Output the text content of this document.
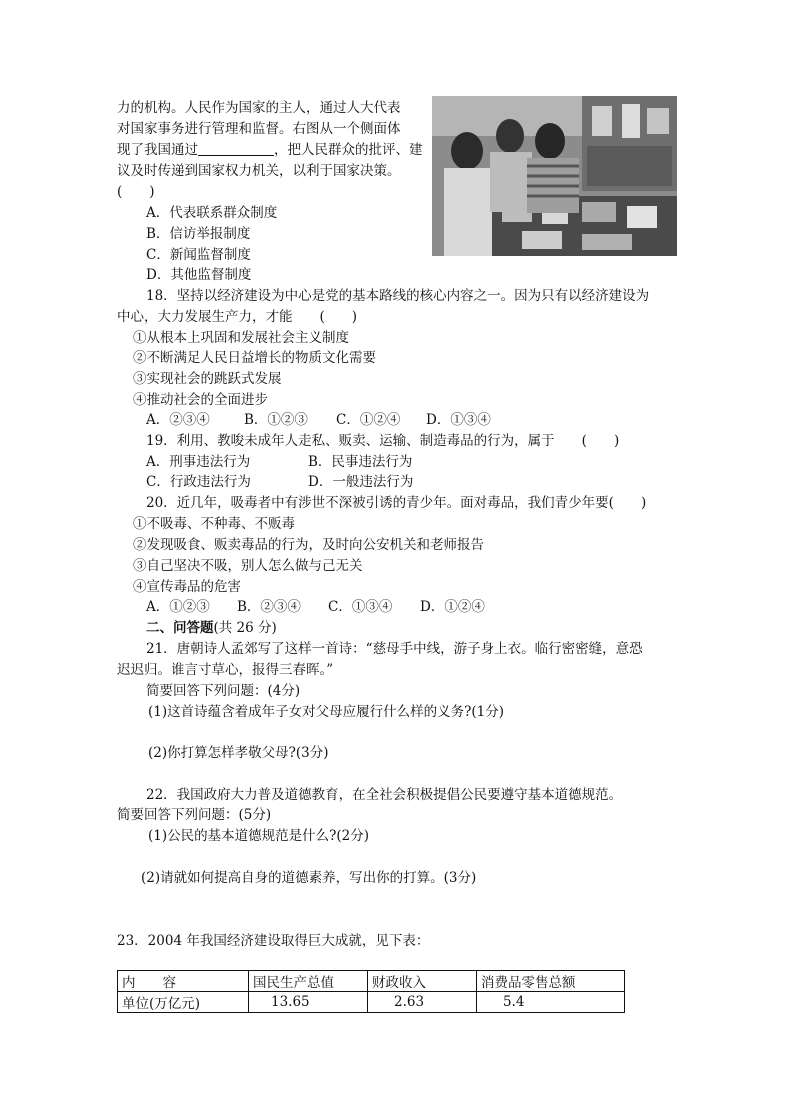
力的机构。人民作为国家的主人，通过人大代表
对国家事务进行管理和监督。右图从一个侧面体
现了我国通过	，把人民群众的批评、建
议及时传递到国家权力机关，以利于国家决策。
(　　)
A．代表联系群众制度
B．信访举报制度
C．新闻监督制度
D．其他监督制度
18．坚持以经济建设为中心是党的基本路线的核心内容之一。因为只有以经济建设为
中心，大力发展生产力，才能　　(　　)
①从根本上巩固和发展社会主义制度
②不断满足人民日益增长的物质文化需要
③实现社会的跳跃式发展
④推动社会的全面进步
A．②③④	B．①②③ C．①②④ D．①③④
19．利用、教唆未成年人走私、贩卖、运输、制造毒品的行为，属于　　(　　)
A．刑事违法行为	B．民事违法行为
C．行政违法行为	D．一般违法行为
20．近几年，吸毒者中有涉世不深被引诱的青少年。面对毒品，我们青少年要(　　)
①不吸毒、不种毒、不贩毒
②发现吸食、贩卖毒品的行为，及时向公安机关和老师报告
③自己坚决不吸，别人怎么做与己无关
④宣传毒品的危害
A．①②③ B．②③④ C．①③④ D．①②④
二、问答题(共 26 分)
21．唐朝诗人孟郊写了这样一首诗：“慈母手中线，游子身上衣。临行密密缝，意恐
迟迟归。谁言寸草心，报得三春晖。”
简要回答下列问题：(4分)
(1)这首诗蕴含着成年子女对父母应履行什么样的义务?(1分)
(2)你打算怎样孝敬父母?(3分)
22．我国政府大力普及道德教育，在全社会积极提倡公民要遵守基本道德规范。
简要回答下列问题：(5分)
(1)公民的基本道德规范是什么?(2分)
(2)请就如何提高自身的道德素养，写出你的打算。(3分)
23．2004 年我国经济建设取得巨大成就，见下表：
内　　容	国民生产总值	财政收入	消费品零售总额
单位(万亿元)	13.65	2.63	5.4
